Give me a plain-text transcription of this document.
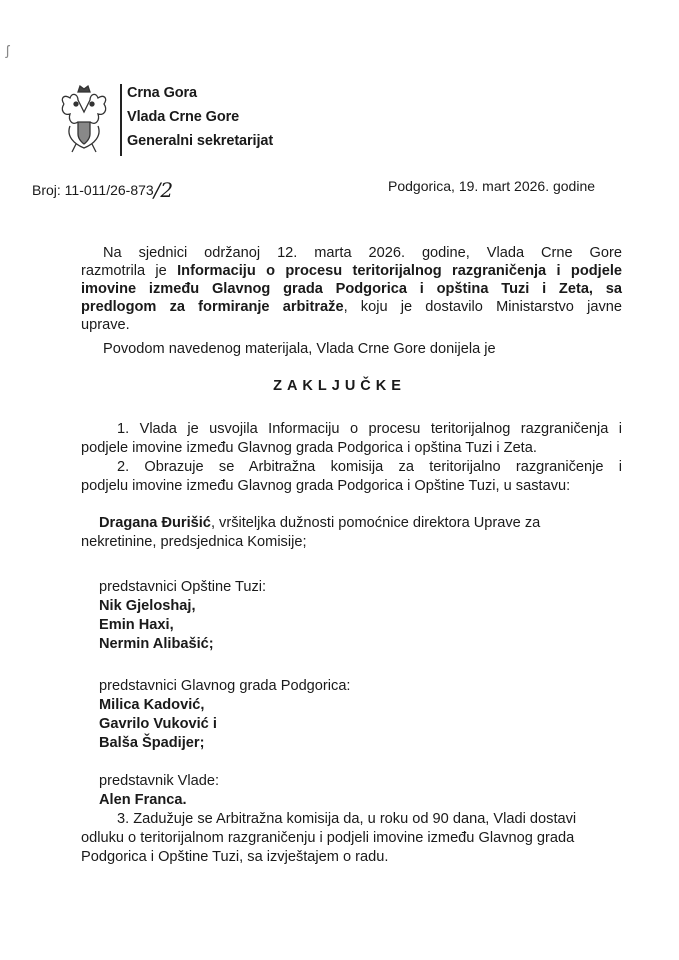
ʃ
Crna Gora
Vlada Crne Gore
Generalni sekretarijat
Broj: 11-011/26-873/2	Podgorica, 19. mart 2026. godine
Na sjednici održanoj 12. marta 2026. godine, Vlada Crne Gore
razmotrila je Informaciju o procesu teritorijalnog razgraničenja i podjele
imovine između Glavnog grada Podgorica i opština Tuzi i Zeta, sa
predlogom za formiranje arbitraže, koju je dostavilo Ministarstvo javne
uprave.
Povodom navedenog materijala, Vlada Crne Gore donijela je
ZAKLJUČKE
1. Vlada je usvojila Informaciju o procesu teritorijalnog razgraničenja i
podjele imovine između Glavnog grada Podgorica i opština Tuzi i Zeta.
2. Obrazuje se Arbitražna komisija za teritorijalno razgraničenje i
podjelu imovine između Glavnog grada Podgorica i Opštine Tuzi, u sastavu:
Dragana Đurišić, vršiteljka dužnosti pomoćnice direktora Uprave za
nekretinine, predsjednica Komisije;
predstavnici Opštine Tuzi:
Nik Gjeloshaj,
Emin Haxi,
Nermin Alibašić;
predstavnici Glavnog grada Podgorica:
Milica Kadović,
Gavrilo Vuković i
Balša Špadijer;
predstavnik Vlade:
Alen Franca.
3. Zadužuje se Arbitražna komisija da, u roku od 90 dana, Vladi dostavi
odluku o teritorijalnom razgraničenju i podjeli imovine između Glavnog grada
Podgorica i Opštine Tuzi, sa izvještajem o radu.
